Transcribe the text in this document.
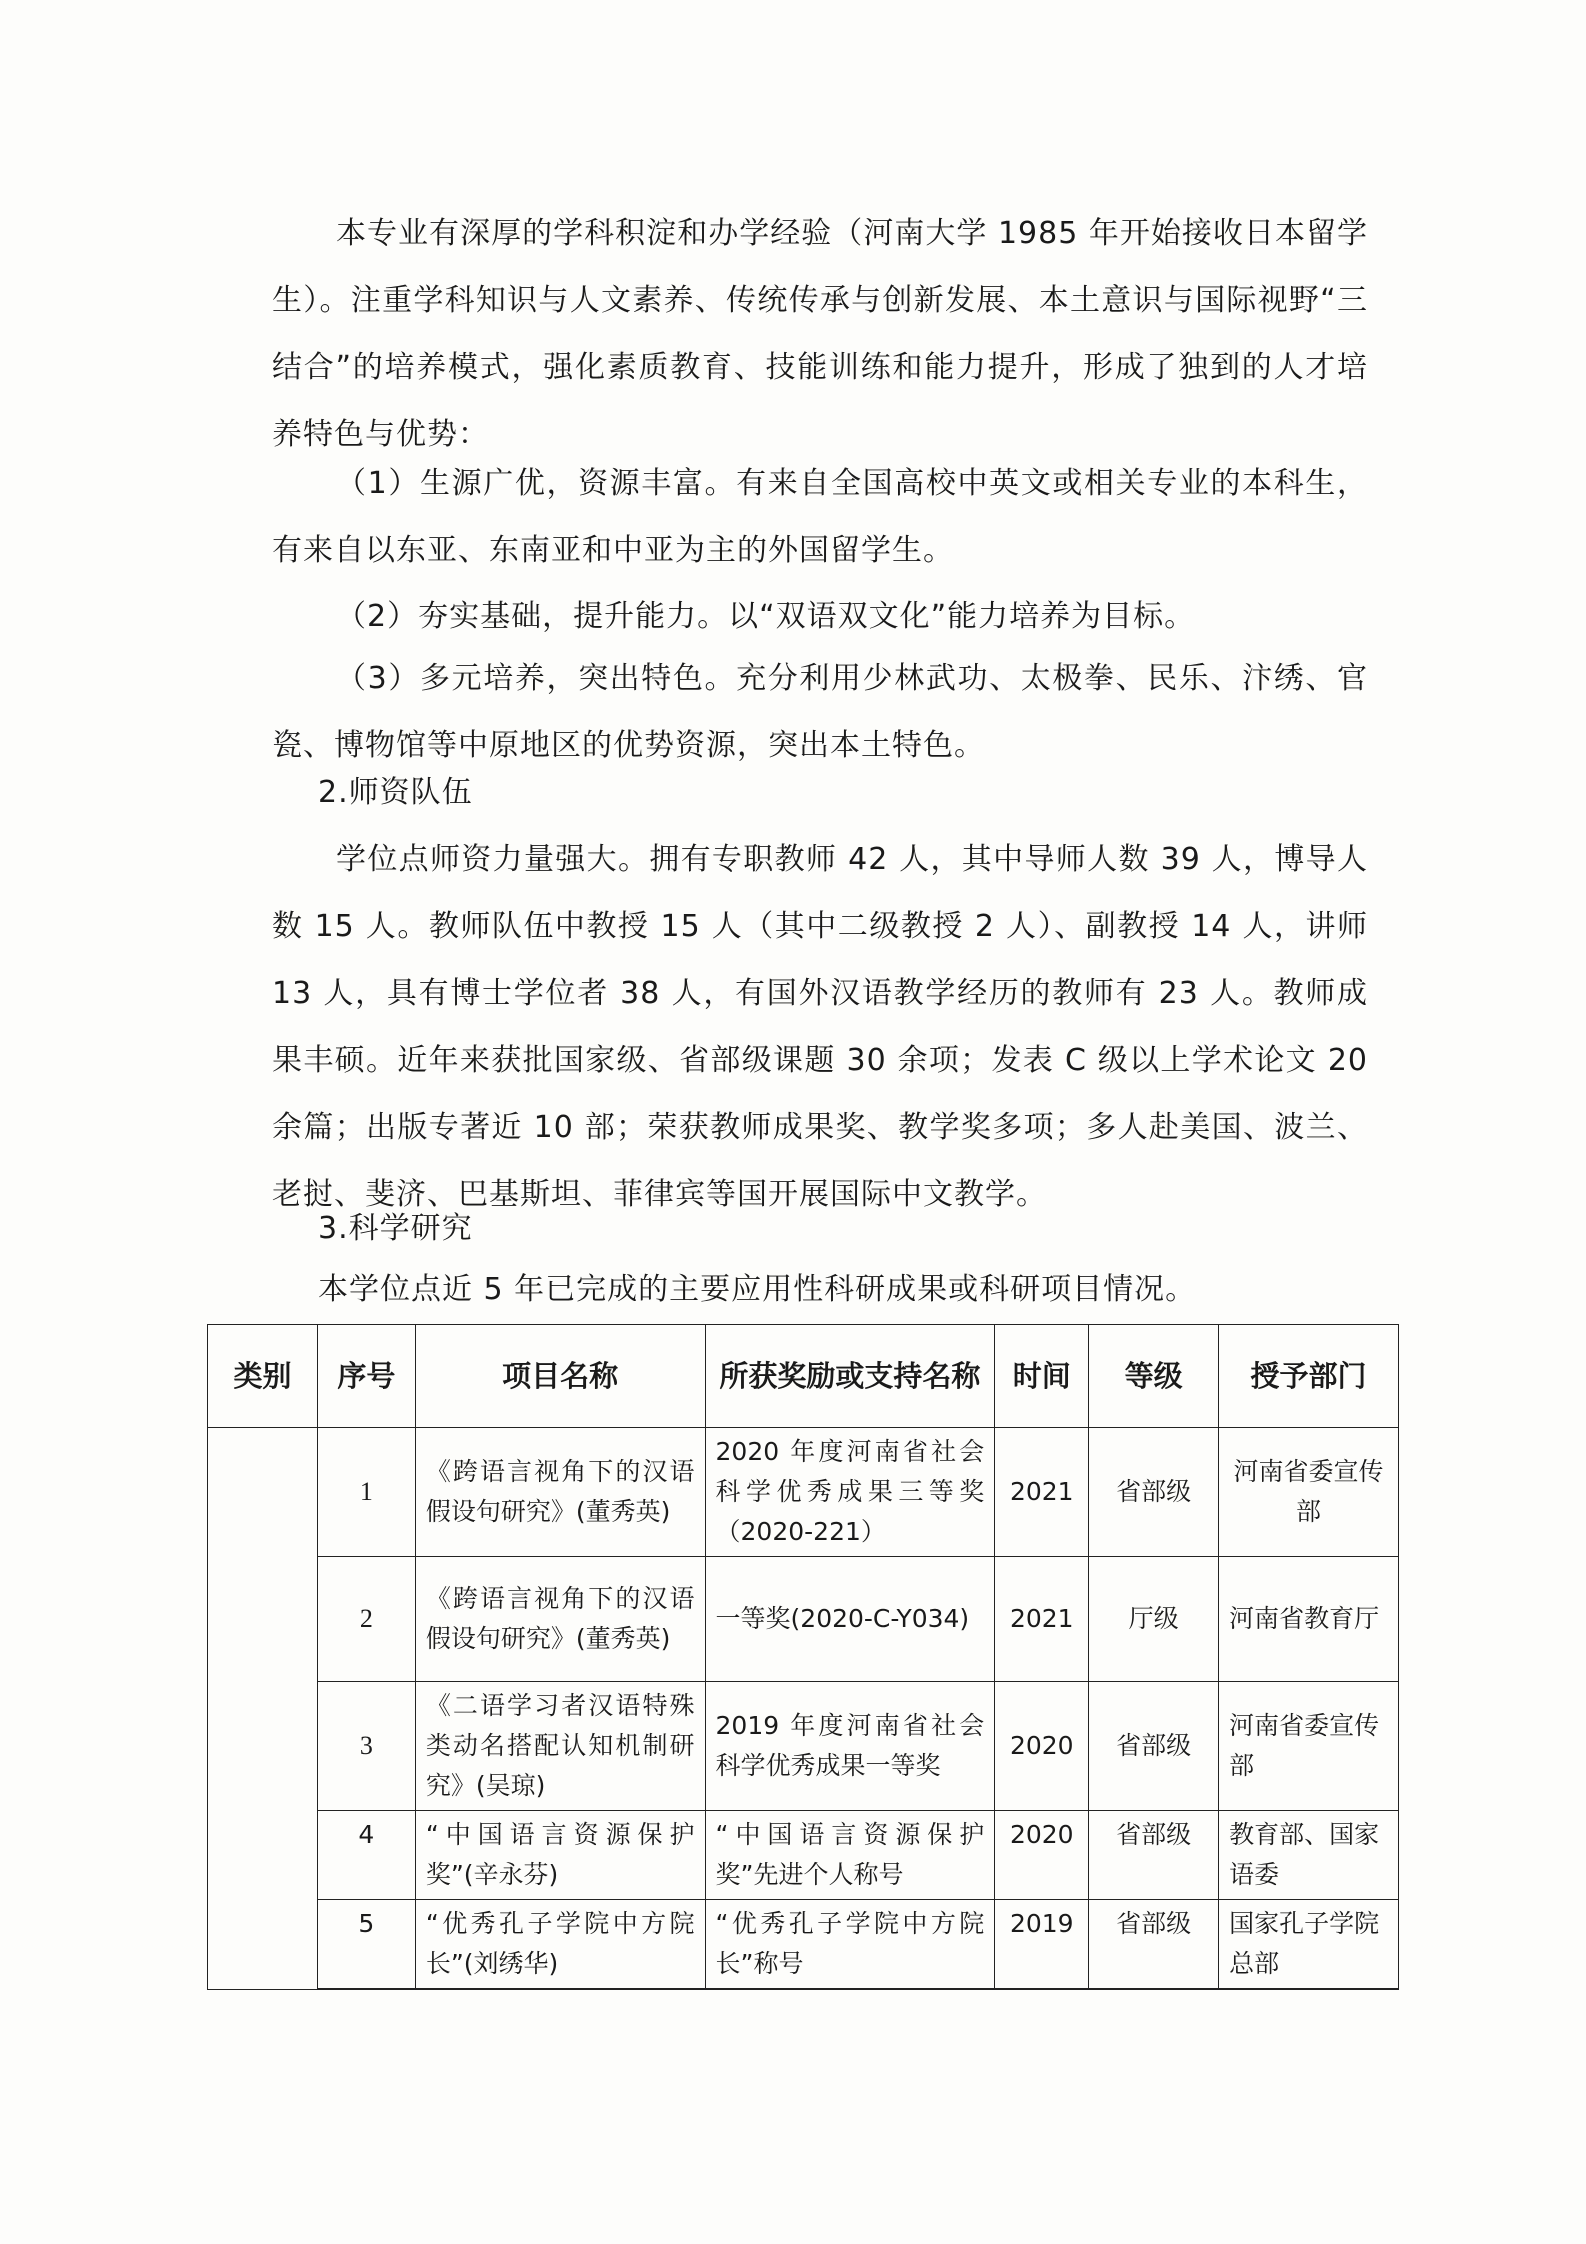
本专业有深厚的学科积淀和办学经验（河南大学 1985 年开始接收日本留学生）。注重学科知识与人文素养、传统传承与创新发展、本土意识与国际视野“三结合”的培养模式，强化素质教育、技能训练和能力提升，形成了独到的人才培养特色与优势：

（1）生源广优，资源丰富。有来自全国高校中英文或相关专业的本科生，有来自以东亚、东南亚和中亚为主的外国留学生。

（2）夯实基础，提升能力。以“双语双文化”能力培养为目标。

（3）多元培养，突出特色。充分利用少林武功、太极拳、民乐、汴绣、官瓷、博物馆等中原地区的优势资源，突出本土特色。

2.师资队伍

学位点师资力量强大。拥有专职教师 42 人，其中导师人数 39 人，博导人数 15 人。教师队伍中教授 15 人（其中二级教授 2 人）、副教授 14 人，讲师 13 人，具有博士学位者 38 人，有国外汉语教学经历的教师有 23 人。教师成果丰硕。近年来获批国家级、省部级课题 30 余项；发表 C 级以上学术论文 20 余篇；出版专著近 10 部；荣获教师成果奖、教学奖多项；多人赴美国、波兰、老挝、斐济、巴基斯坦、菲律宾等国开展国际中文教学。

3.科学研究
本学位点近 5 年已完成的主要应用性科研成果或科研项目情况。
类别	序号	项目名称	所获奖励或支持名称	时间	等级	授予部门
	1	《跨语言视角下的汉语假设句研究》(董秀英)	2020 年度河南省社会科学优秀成果三等奖（2020-221）	2021	省部级	河南省委宣传部
	2	《跨语言视角下的汉语假设句研究》(董秀英)	一等奖(2020-C-Y034)	2021	厅级	河南省教育厅
	3	《二语学习者汉语特殊类动名搭配认知机制研究》(吴琼)	2019 年度河南省社会科学优秀成果一等奖	2020	省部级	河南省委宣传部
	4	“中国语言资源保护奖”(辛永芬)	“中国语言资源保护奖”先进个人称号	2020	省部级	教育部、国家语委
	5	“优秀孔子学院中方院长”(刘绣华)	“优秀孔子学院中方院长”称号	2019	省部级	国家孔子学院总部
